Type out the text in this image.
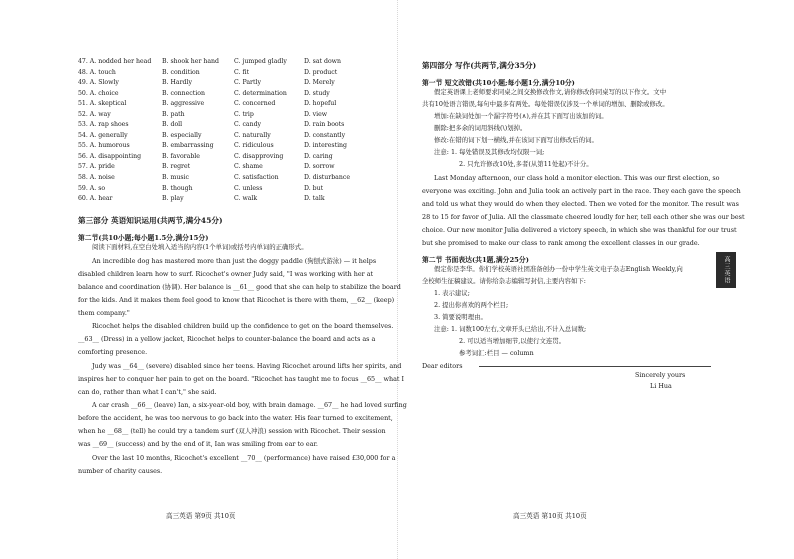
47. A. nodded her head	B. shook her hand	C. jumped gladly	D. sat down
48. A. touch	B. condition	C. fit	D. product
49. A. Slowly	B. Hardly	C. Partly	D. Merely
50. A. choice	B. connection	C. determination	D. study
51. A. skeptical	B. aggressive	C. concerned	D. hopeful
52. A. way	B. path	C. trip	D. view
53. A. rap shoes	B. doll	C. candy	D. rain boots
54. A. generally	B. especially	C. naturally	D. constantly
55. A. humorous	B. embarrassing	C. ridiculous	D. interesting
56. A. disappointing	B. favorable	C. disapproving	D. caring
57. A. pride	B. regret	C. shame	D. sorrow
58. A. noise	B. music	C. satisfaction	D. disturbance
59. A. so	B. though	C. unless	D. but
60. A. hear	B. play	C. walk	D. talk
第三部分 英语知识运用(共两节,满分45分)
第二节(共10小题;每小题1.5分,满分15分)
阅读下面材料,在空白处填入适当的内容(1个单词)或括号内单词的正确形式。
An incredible dog has mastered more than just the doggy paddle (狗刨式游泳) — it helps
disabled children learn how to surf. Ricochet's owner Judy said, "I was working with her at
balance and coordination (协调). Her balance is __61__ good that she can help to stabilize the board
for the kids. And it makes them feel good to know that Ricochet is there with them, __62__ (keep)
them company."
Ricochet helps the disabled children build up the confidence to get on the board themselves.
__63__ (Dress) in a yellow jacket, Ricochet helps to counter-balance the board and acts as a
comforting presence.
Judy was __64__ (severe) disabled since her teens. Having Ricochet around lifts her spirits, and
inspires her to conquer her pain to get on the board. "Ricochet has taught me to focus __65__ what I
can do, rather than what I can't," she said.
A car crash __66__ (leave) Ian, a six-year-old boy, with brain damage. __67__ he had loved surfing
before the accident, he was too nervous to go back into the water. His fear turned to excitement,
when he __68__ (tell) he could try a tandem surf (双人冲浪) session with Ricochet. Their session
was __69__ (success) and by the end of it, Ian was smiling from ear to ear.
Over the last 10 months, Ricochet's excellent __70__ (performance) have raised £30,000 for a
number of charity causes.
高三英语 第9页 共10页
第四部分 写作(共两节,满分35分)
第一节 短文改错(共10小题;每小题1分,满分10分)
假定英语课上老师要求同桌之间交换修改作文,请你修改你同桌写的以下作文。文中
共有10处语言错误,每句中最多有两处。每处错误仅涉及一个单词的增加、删除或修改。
增加:在缺词处加一个漏字符号(∧),并在其下面写出该加的词。
删除:把多余的词用斜线(\)划掉。
修改:在错的词下划一横线,并在该词下面写出修改后的词。
注意: 1. 每处错误及其修改均仅限一词;
2. 只允许修改10处,多者(从第11处起)不计分。
Last Monday afternoon, our class hold a monitor election. This was our first election, so
everyone was exciting. John and Julia took an actively part in the race. They each gave the speech
and told us what they would do when they elected. Then we voted for the monitor. The result was
28 to 15 for favor of Julia. All the classmate cheered loudly for her, tell each other she was our best
choice. Our new monitor Julia delivered a victory speech, in which she was thankful for our trust
but she promised to make our class to rank among the excellent classes in our grade.
第二节 书面表达(共1题,满分25分)
假定你是李华。你们学校英语社团准备创办一份中学生英文电子杂志English Weekly,向
全校师生征稿建议。请你给杂志编辑写封信,主要内容如下:
1. 表示建议;
2. 提出你喜欢的两个栏目;
3. 简要说明理由。
注意: 1. 词数100左右,文章开头已给出,不计入总词数;
2. 可以适当增加细节,以使行文连贯。
参考词汇:栏目 — column
Dear editors
Sincerely yours
Li Hua
高三英语 第10页 共10页
高三英语
